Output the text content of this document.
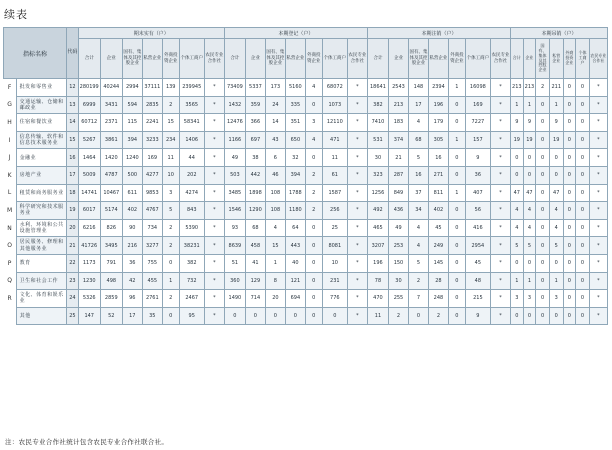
续表
指标名称		代码	期末实有（户）							本期登记（户）							本期注销（户）							本期吊销（户）						
			合计	企业	国有、集体及其控股企业	私营企业	外商投资企业	个体工商户	农民专业合作社	合计	企业	国有、集体及其控股企业	私营企业	外商投资企业	个体工商户	农民专业合作社	合计	企业	国有、集体及其控股企业	私营企业	外商投资企业	个体工商户	农民专业合作社	合计	企业	国有、集体及其控股企业	私营企业	外商投资企业	个体工商户	农民专业合作社
F	批发和零售业	12	280199	40244	2994	37111	139	239945	*	73409	5337	173	5160	4	68072	*	18641	2543	148	2394	1	16098	*	213	213	2	211	0	0	*
G	交通运输、仓储和邮政业	13	6999	3431	594	2835	2	3565	*	1432	359	24	335	0	1073	*	382	213	17	196	0	169	*	1	1	0	1	0	0	*
H	住宿和餐饮业	14	60712	2371	115	2241	15	58341	*	12476	366	14	351	3	12110	*	7410	183	4	179	0	7227	*	9	9	0	9	0	0	*
I	信息传输、软件和信息技术服务业	15	5267	3861	394	3233	234	1406	*	1166	697	43	650	4	471	*	531	374	68	305	1	157	*	19	19	0	19	0	0	*
J	金融业	16	1464	1420	1240	169	11	44	*	49	38	6	32	0	11	*	30	21	5	16	0	9	*	0	0	0	0	0	0	*
K	房地产业	17	5009	4787	500	4277	10	202	*	503	442	46	394	2	61	*	323	287	16	271	0	36	*	0	0	0	0	0	0	*
L	租赁和商务服务业	18	14741	10467	611	9853	3	4274	*	3485	1898	108	1788	2	1587	*	1256	849	37	811	1	407	*	47	47	0	47	0	0	*
M	科学研究和技术服务业	19	6017	5174	402	4767	5	843	*	1546	1290	108	1180	2	256	*	492	436	34	402	0	56	*	4	4	0	4	0	0	*
N	水利、环境和公共设施管理业	20	6216	826	90	734	2	5390	*	93	68	4	64	0	25	*	465	49	4	45	0	416	*	4	4	0	4	0	0	*
O	居民服务、修理和其他服务业	21	41726	3495	216	3277	2	38231	*	8639	458	15	443	0	8081	*	3207	253	4	249	0	2954	*	5	5	0	5	0	0	*
P	教育	22	1173	791	36	755	0	382	*	51	41	1	40	0	10	*	196	150	5	145	0	45	*	0	0	0	0	0	0	*
Q	卫生和社会工作	23	1230	498	42	455	1	732	*	360	129	8	121	0	231	*	78	30	2	28	0	48	*	1	1	0	1	0	0	*
R	文化、体育和娱乐业	24	5326	2859	96	2761	2	2467	*	1490	714	20	694	0	776	*	470	255	7	248	0	215	*	3	3	0	3	0	0	*
	其他	25	147	52	17	35	0	95	*	0	0	0	0	0	0	*	11	2	0	2	0	9	*	0	0	0	0	0	0	*
注：农民专业合作社统计包含农民专业合作社联合社。
